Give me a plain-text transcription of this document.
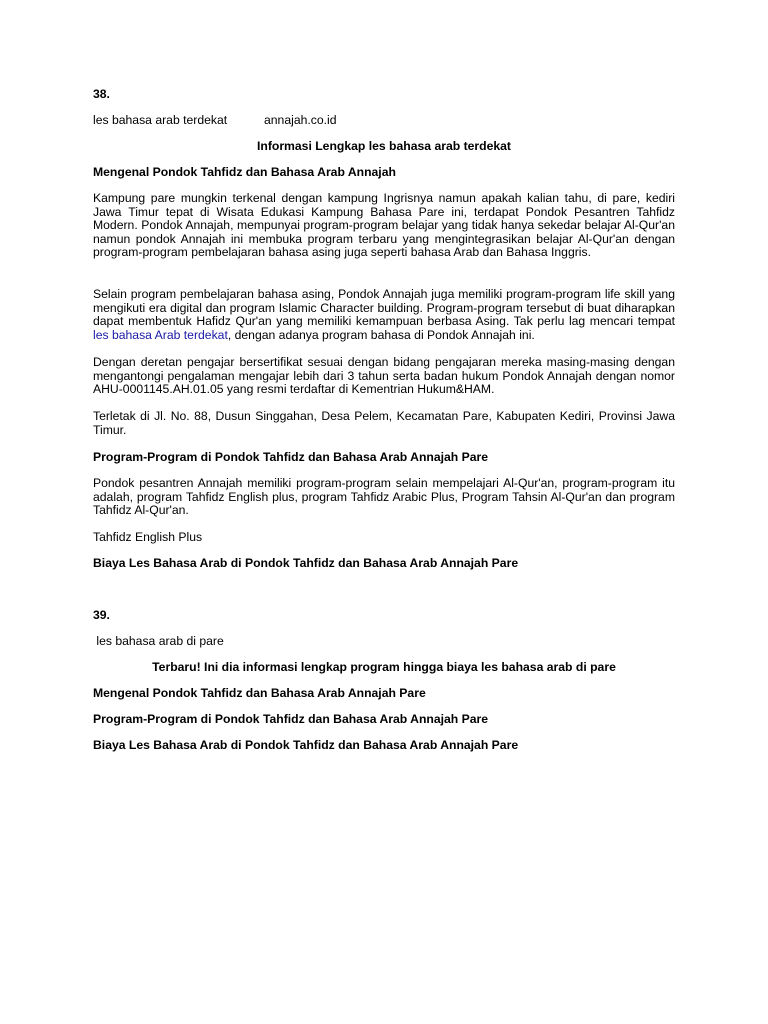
38.
les bahasa arab terdekat	annajah.co.id
Informasi Lengkap les bahasa arab terdekat
Mengenal Pondok Tahfidz dan Bahasa Arab Annajah
Kampung pare mungkin terkenal dengan kampung Ingrisnya namun apakah kalian tahu, di pare, kediri Jawa Timur tepat di Wisata Edukasi Kampung Bahasa Pare ini, terdapat Pondok Pesantren Tahfidz Modern. Pondok Annajah, mempunyai program-program belajar yang tidak hanya sekedar belajar Al-Qur'an namun pondok Annajah ini membuka program terbaru yang mengintegrasikan belajar Al-Qur'an dengan program-program pembelajaran bahasa asing juga seperti bahasa Arab dan Bahasa Inggris.
Selain program pembelajaran bahasa asing, Pondok Annajah juga memiliki program-program life skill yang mengikuti era digital dan program Islamic Character building. Program-program tersebut di buat diharapkan dapat membentuk Hafidz Qur'an yang memiliki kemampuan berbasa Asing. Tak perlu lag mencari tempat les bahasa Arab terdekat, dengan adanya program bahasa di Pondok Annajah ini.
Dengan deretan pengajar bersertifikat sesuai dengan bidang pengajaran mereka masing-masing dengan mengantongi pengalaman mengajar lebih dari 3 tahun serta badan hukum Pondok Annajah dengan nomor AHU-0001145.AH.01.05 yang resmi terdaftar di Kementrian Hukum&HAM.
Terletak di Jl. No. 88, Dusun Singgahan, Desa Pelem, Kecamatan Pare, Kabupaten Kediri, Provinsi Jawa Timur.
Program-Program di Pondok Tahfidz dan Bahasa Arab Annajah Pare
Pondok pesantren Annajah memiliki program-program selain mempelajari Al-Qur'an, program-program itu adalah, program Tahfidz English plus, program Tahfidz Arabic Plus, Program Tahsin Al-Qur'an dan program Tahfidz Al-Qur'an.
Tahfidz English Plus
Biaya Les Bahasa Arab di Pondok Tahfidz dan Bahasa Arab Annajah Pare
39.
les bahasa arab di pare
Terbaru! Ini dia informasi lengkap program hingga biaya les bahasa arab di pare
Mengenal Pondok Tahfidz dan Bahasa Arab Annajah Pare
Program-Program di Pondok Tahfidz dan Bahasa Arab Annajah Pare
Biaya Les Bahasa Arab di Pondok Tahfidz dan Bahasa Arab Annajah Pare
